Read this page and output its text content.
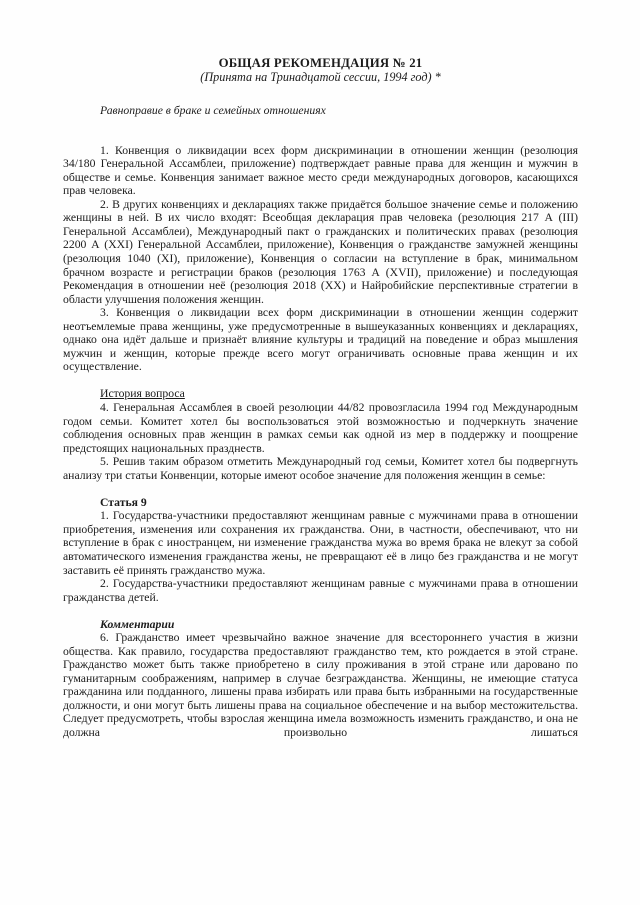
ОБЩАЯ РЕКОМЕНДАЦИЯ № 21

(Принята на Тринадцатой сессии, 1994 год) *

Равноправие в браке и семейных отношениях

1. Конвенция о ликвидации всех форм дискриминации в отношении женщин (резолюция 34/180 Генеральной Ассамблеи, приложение) подтверждает равные права для женщин и мужчин в обществе и семье. Конвенция занимает важное место среди международных договоров, касающихся прав человека.

2. В других конвенциях и декларациях также придаётся большое значение семье и положению женщины в ней. В их число входят: Всеобщая декларация прав человека (резолюция 217 А (III) Генеральной Ассамблеи), Международный пакт о гражданских и политических правах (резолюция 2200 А (XXI) Генеральной Ассамблеи, приложение), Конвенция о гражданстве замужней женщины (резолюция 1040 (XI), приложение), Конвенция о согласии на вступление в брак, минимальном брачном возрасте и регистрации браков (резолюция 1763 А (XVII), приложение) и последующая Рекомендация в отношении неё (резолюция 2018 (XX) и Найробийские перспективные стратегии в области улучшения положения женщин.

3. Конвенция о ликвидации всех форм дискриминации в отношении женщин содержит неотъемлемые права женщины, уже предусмотренные в вышеуказанных конвенциях и декларациях, однако она идёт дальше и признаёт влияние культуры и традиций на поведение и образ мышления мужчин и женщин, которые прежде всего могут ограничивать основные права женщин и их осуществление.

История вопроса

4. Генеральная Ассамблея в своей резолюции 44/82 провозгласила 1994 год Международным годом семьи. Комитет хотел бы воспользоваться этой возможностью и подчеркнуть значение соблюдения основных прав женщин в рамках семьи как одной из мер в поддержку и поощрение предстоящих национальных празднеств.

5. Решив таким образом отметить Международный год семьи, Комитет хотел бы подвергнуть анализу три статьи Конвенции, которые имеют особое значение для положения женщин в семье:

Статья 9

1. Государства-участники предоставляют женщинам равные с мужчинами права в отношении приобретения, изменения или сохранения их гражданства. Они, в частности, обеспечивают, что ни вступление в брак с иностранцем, ни изменение гражданства мужа во время брака не влекут за собой автоматического изменения гражданства жены, не превращают её в лицо без гражданства и не могут заставить её принять гражданство мужа.

2. Государства-участники предоставляют женщинам равные с мужчинами права в отношении гражданства детей.

Комментарии

6. Гражданство имеет чрезвычайно важное значение для всестороннего участия в жизни общества. Как правило, государства предоставляют гражданство тем, кто рождается в этой стране. Гражданство может быть также приобретено в силу проживания в этой стране или даровано по гуманитарным соображениям, например в случае безгражданства. Женщины, не имеющие статуса гражданина или подданного, лишены права избирать или права быть избранными на государственные должности, и они могут быть лишены права на социальное обеспечение и на выбор местожительства. Следует предусмотреть, чтобы взрослая женщина имела возможность изменить гражданство, и она не должна произвольно лишаться
